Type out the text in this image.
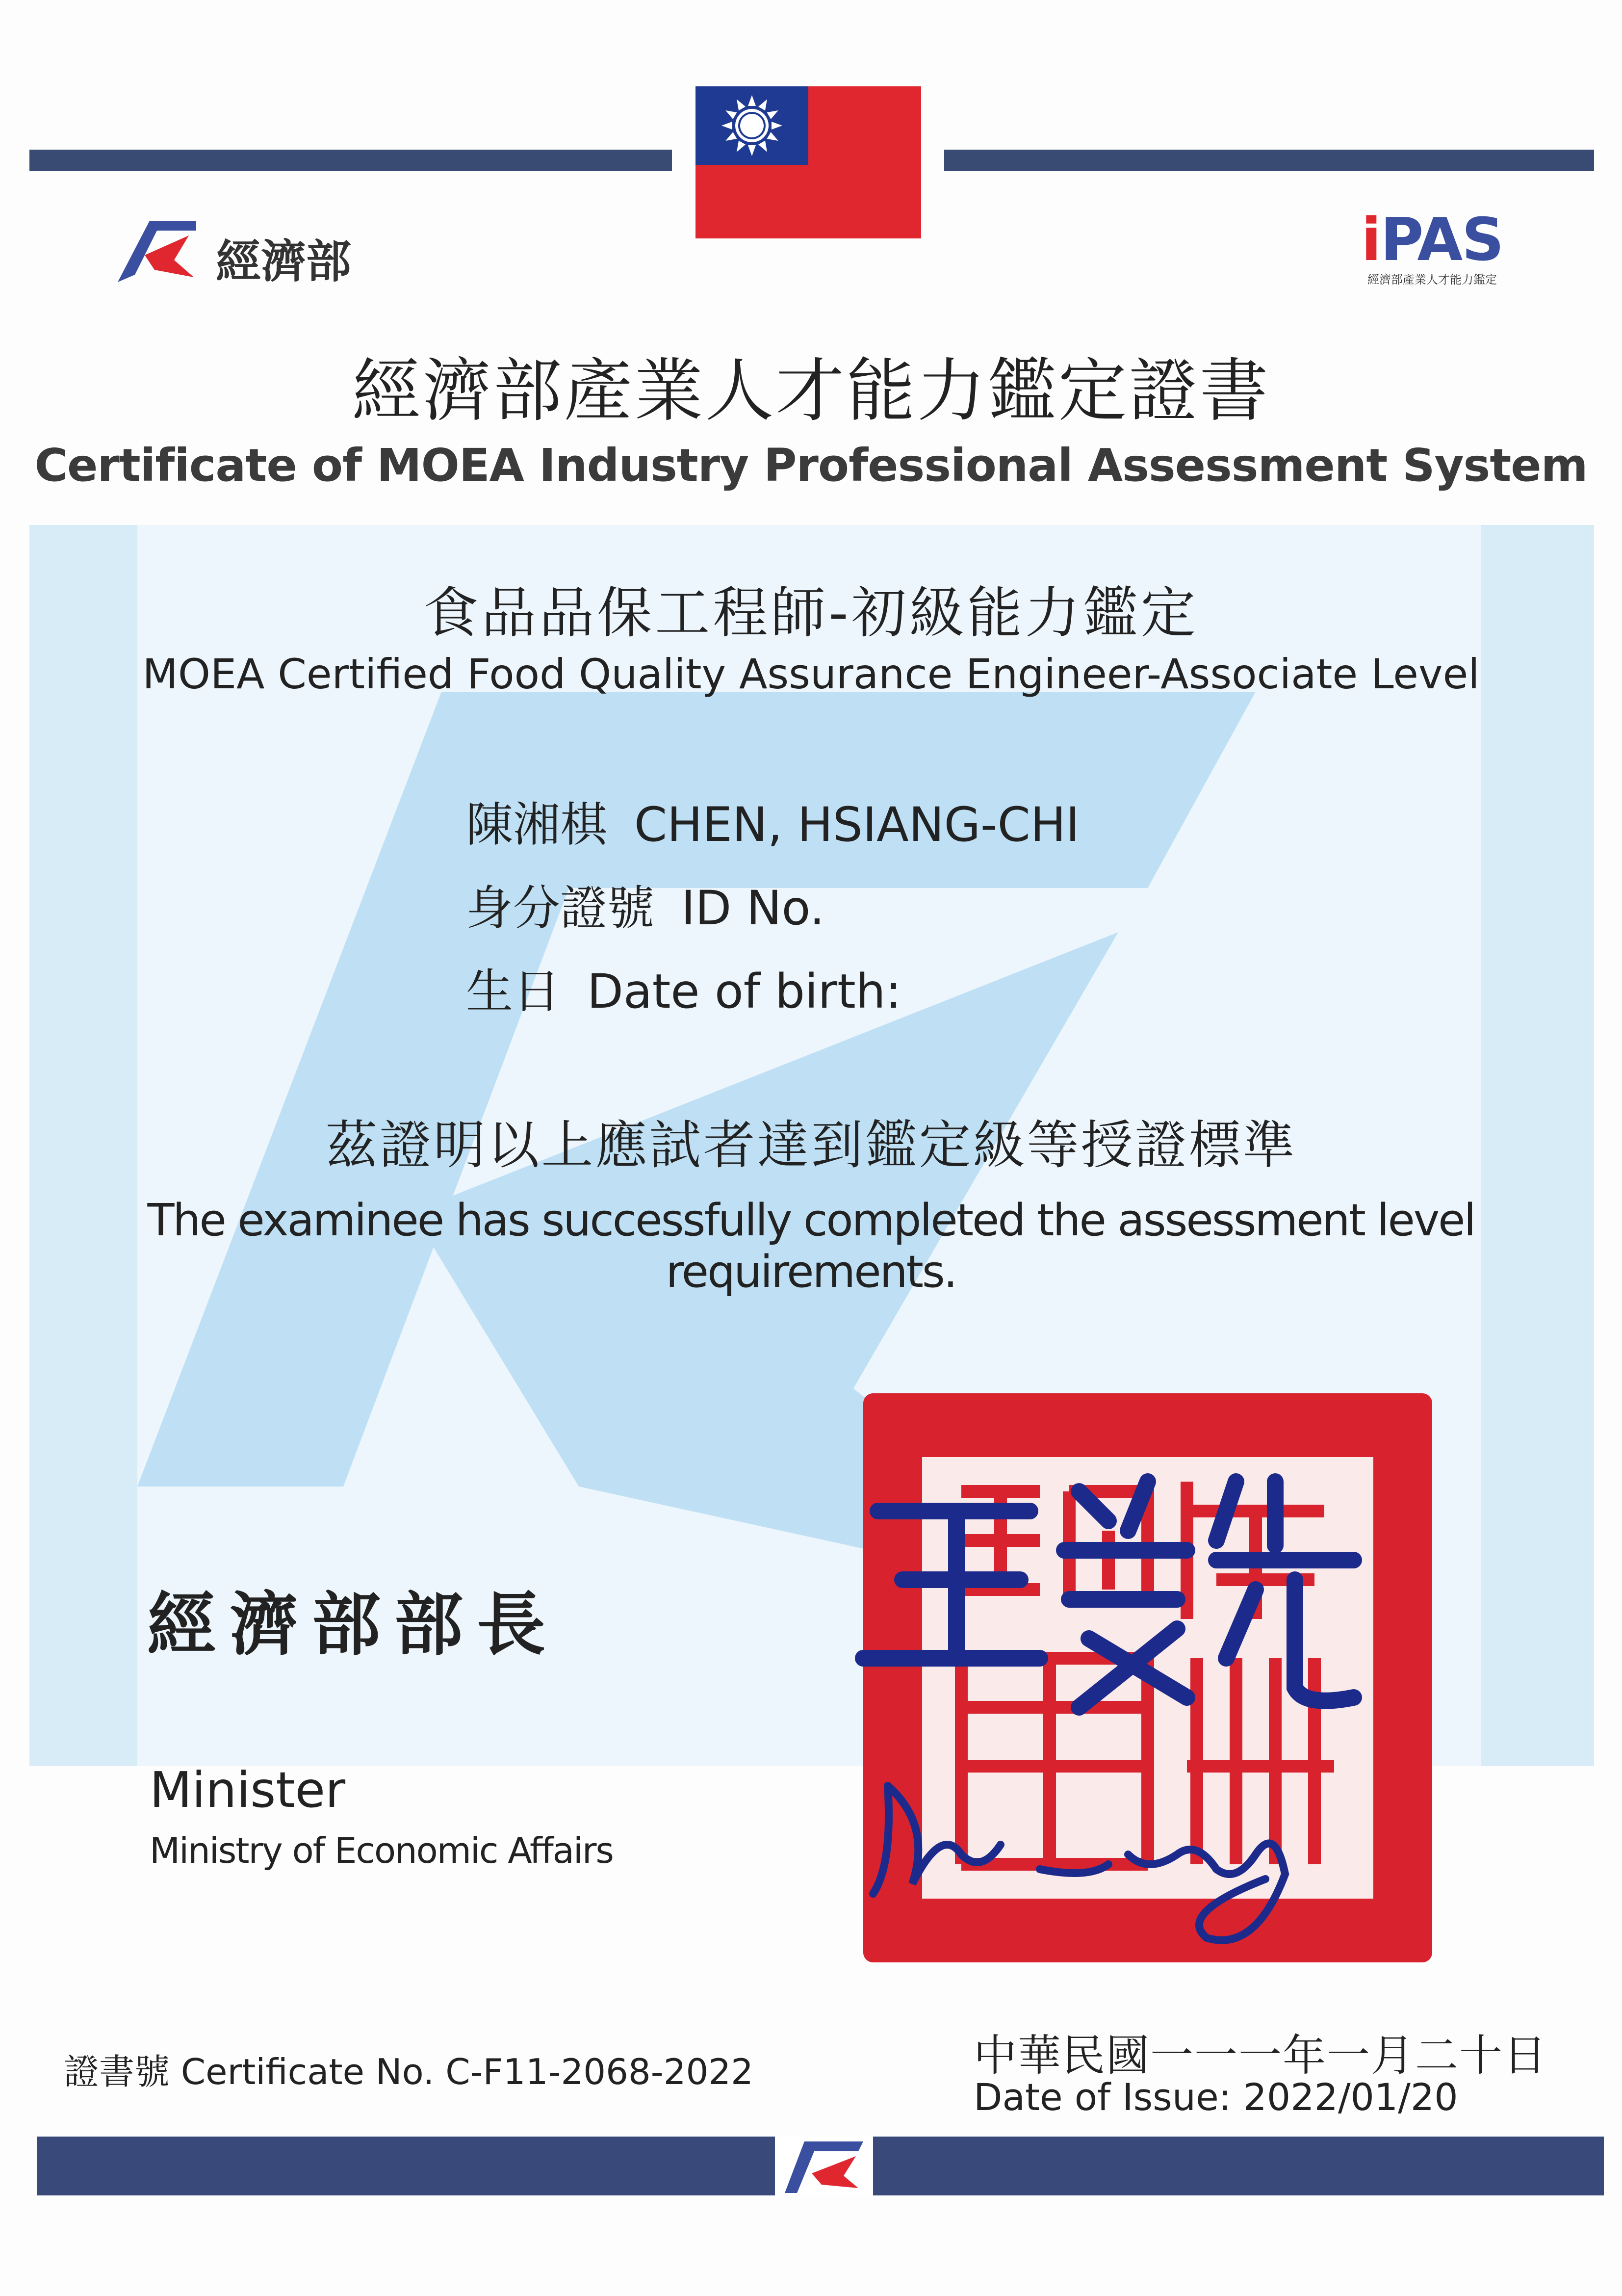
經濟部	iPAS
經濟部產業人才能力鑑定
經濟部產業人才能力鑑定證書
Certificate of MOEA Industry Professional Assessment System
食品品保工程師-初級能力鑑定
MOEA Certified Food Quality Assurance Engineer-Associate Level
陳湘棋 CHEN, HSIANG-CHI
身分證號 ID No.
生日 Date of birth:
茲證明以上應試者達到鑑定級等授證標準
The examinee has successfully completed the assessment level requirements.
經濟部部長
Minister
Ministry of Economic Affairs
證書號 Certificate No. C-F11-2068-2022	中華民國一一一年一月二十日
Date of Issue: 2022/01/20
